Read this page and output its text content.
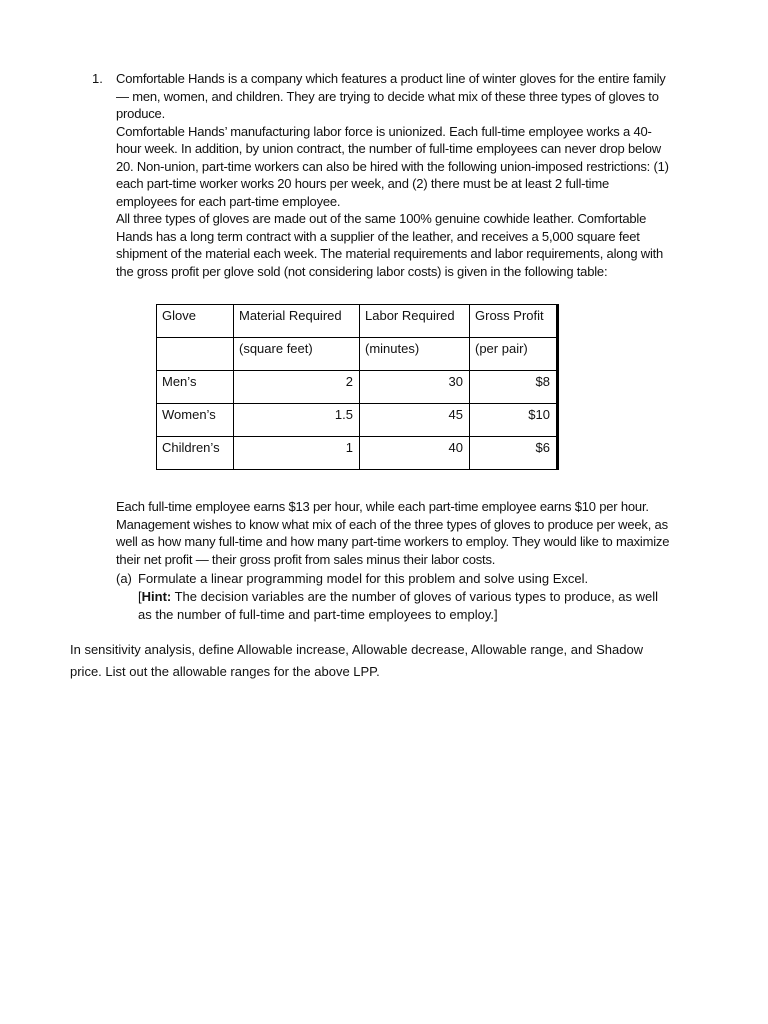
1. Comfortable Hands is a company which features a product line of winter gloves for the entire family — men, women, and children. They are trying to decide what mix of these three types of gloves to produce.

Comfortable Hands’ manufacturing labor force is unionized. Each full-time employee works a 40-hour week. In addition, by union contract, the number of full-time employees can never drop below 20. Non-union, part-time workers can also be hired with the following union-imposed restrictions: (1) each part-time worker works 20 hours per week, and (2) there must be at least 2 full-time employees for each part-time employee.

All three types of gloves are made out of the same 100% genuine cowhide leather. Comfortable Hands has a long term contract with a supplier of the leather, and receives a 5,000 square feet shipment of the material each week. The material requirements and labor requirements, along with the gross profit per glove sold (not considering labor costs) is given in the following table:

Glove	Material Required	Labor Required	Gross Profit
	(square feet)	(minutes)	(per pair)
Men’s	2	30	$8
Women’s	1.5	45	$10
Children’s	1	40	$6

Each full-time employee earns $13 per hour, while each part-time employee earns $10 per hour. Management wishes to know what mix of each of the three types of gloves to produce per week, as well as how many full-time and how many part-time workers to employ. They would like to maximize their net profit — their gross profit from sales minus their labor costs.

(a) Formulate a linear programming model for this problem and solve using Excel.
[Hint: The decision variables are the number of gloves of various types to produce, as well as the number of full-time and part-time employees to employ.]

In sensitivity analysis, define Allowable increase, Allowable decrease, Allowable range, and Shadow price. List out the allowable ranges for the above LPP.
